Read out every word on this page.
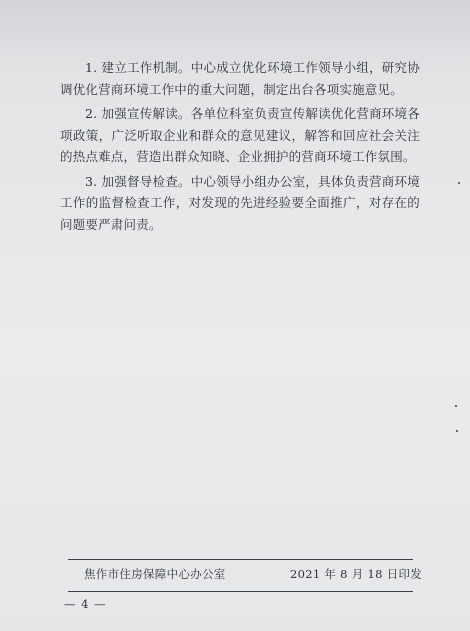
1. 建立工作机制。中心成立优化环境工作领导小组，研究协调优化营商环境工作中的重大问题，制定出台各项实施意见。

2. 加强宣传解读。各单位科室负责宣传解读优化营商环境各项政策，广泛听取企业和群众的意见建议，解答和回应社会关注的热点难点，营造出群众知晓、企业拥护的营商环境工作氛围。

3. 加强督导检查。中心领导小组办公室，具体负责营商环境工作的监督检查工作，对发现的先进经验要全面推广，对存在的问题要严肃问责。

焦作市住房保障中心办公室	2021 年 8 月 18 日印发
— 4 —
